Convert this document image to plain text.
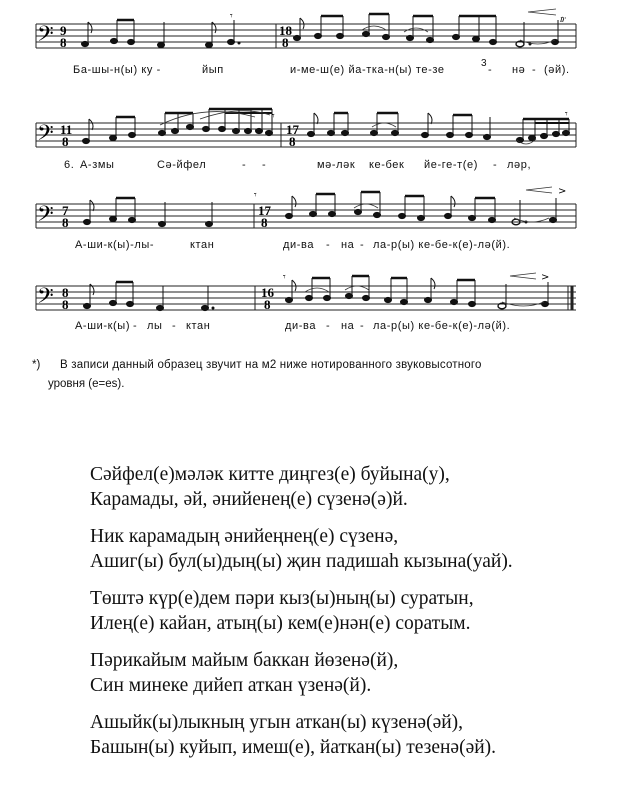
𝄢 9
8
18
8
𝄾	𝆖
Ба-шы-н(ы) ку -	йып	и-ме-ш(е) йа-тка-н(ы) те-зе
3
- нә - (әй).
𝄢 11
8
17
8
𝄾	𝄾
6. А-змы	Сә-йфел	- -	мә-ләк ке-бек йе-ге-т(е) - ләр,
𝄢 7
8
17
8
>
𝄾
А-ши-к(ы)-лы-	ктан	ди-ва - на - ла-р(ы) ке-бе-к(е)-лә(й).
𝄢 8
8
16
8
>
𝄾
А-ши-к(ы) - лы - ктан	ди-ва - на - ла-р(ы) ке-бе-к(е)-лә(й).
*)	В записи данный образец звучит на м2 ниже нотированного звуковысотного
уровня (e=es).
Сәйфел(е)мәләк китте диңгез(е) буйына(у),
Карамады, әй, әнийенең(е) сүзенә(ә)й.
Ник карамадың әнийеңнең(е) сүзенә,
Ашиг(ы) бул(ы)дың(ы) җин падишаһ кызына(уай).
Төштә күр(е)дем пәри кыз(ы)ның(ы) суратын,
Илең(е) кайан, атың(ы) кем(е)нән(е) соратым.
Пәрикайым майым баккан йөзенә(й),
Син минеке дийеп аткан үзенә(й).
Ашыйк(ы)лыкның угын аткан(ы) күзенә(әй),
Башын(ы) куйып, имеш(е), йаткан(ы) тезенә(әй).
